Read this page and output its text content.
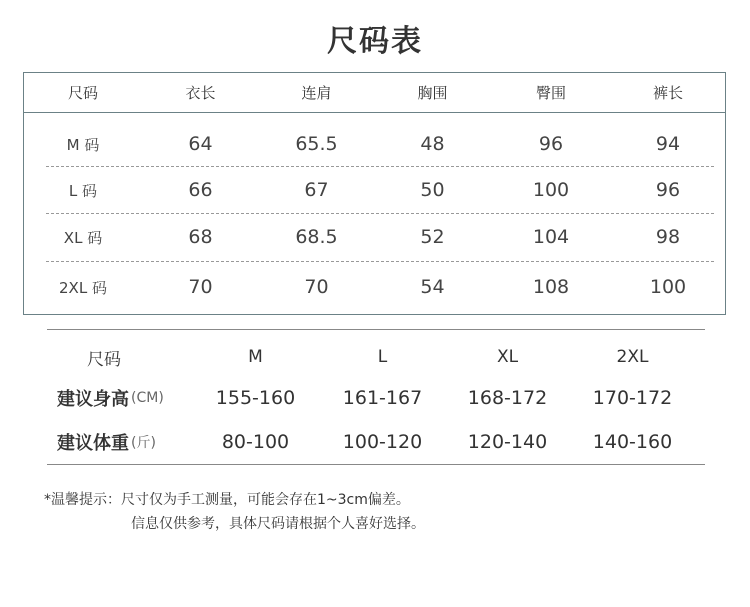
尺码表
尺码	衣长	连肩	胸围	臀围	裤长
M 码	64	65.5	48	96	94
L 码	66	67	50	100	96
XL 码	68	68.5	52	104	98
2XL 码	70	70	54	108	100
尺码	M	L	XL	2XL
建议身高 (CM)	155-160	161-167	168-172	170-172
建议体重 (斤)	80-100	100-120	120-140	140-160
*温馨提示：尺寸仅为手工测量，可能会存在1~3cm偏差。
信息仅供参考，具体尺码请根据个人喜好选择。
